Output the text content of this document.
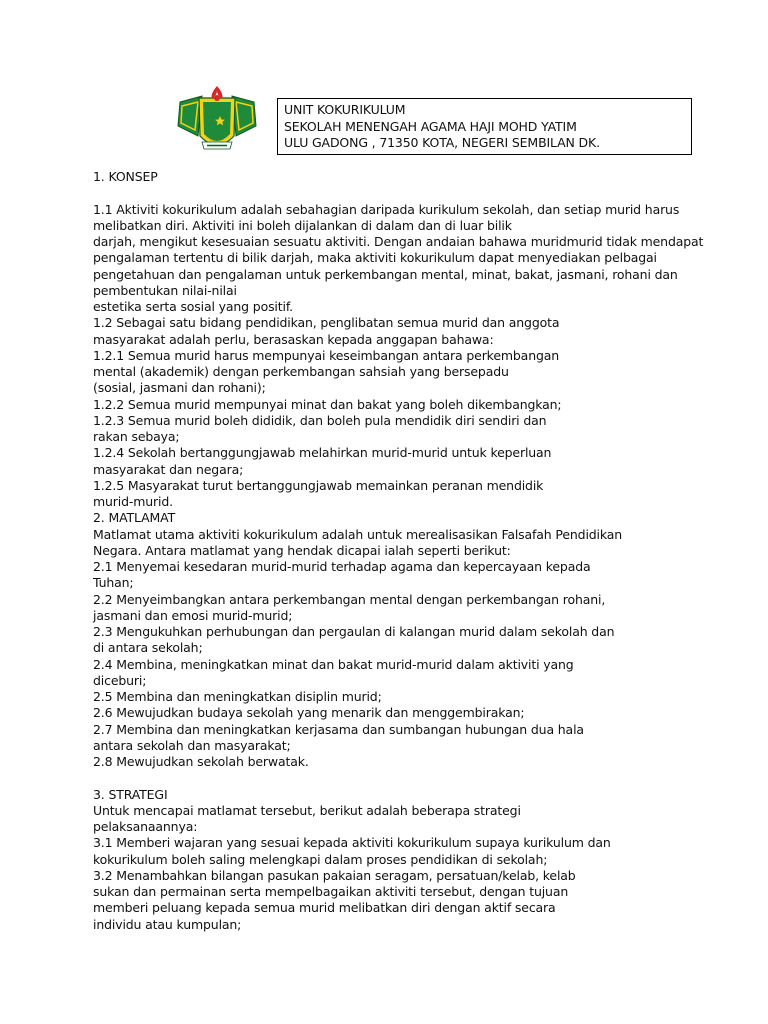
UNIT KOKURIKULUM
SEKOLAH MENENGAH AGAMA HAJI MOHD YATIM
ULU GADONG , 71350 KOTA, NEGERI SEMBILAN DK.
1. KONSEP
1.1 Aktiviti kokurikulum adalah sebahagian daripada kurikulum sekolah, dan setiap murid harus
melibatkan diri. Aktiviti ini boleh dijalankan di dalam dan di luar bilik
darjah, mengikut kesesuaian sesuatu aktiviti. Dengan andaian bahawa muridmurid tidak mendapat
pengalaman tertentu di bilik darjah, maka aktiviti kokurikulum dapat menyediakan pelbagai
pengetahuan dan pengalaman untuk perkembangan mental, minat, bakat, jasmani, rohani dan
pembentukan nilai-nilai
estetika serta sosial yang positif.
1.2 Sebagai satu bidang pendidikan, penglibatan semua murid dan anggota
masyarakat adalah perlu, berasaskan kepada anggapan bahawa:
1.2.1 Semua murid harus mempunyai keseimbangan antara perkembangan
mental (akademik) dengan perkembangan sahsiah yang bersepadu
(sosial, jasmani dan rohani);
1.2.2 Semua murid mempunyai minat dan bakat yang boleh dikembangkan;
1.2.3 Semua murid boleh dididik, dan boleh pula mendidik diri sendiri dan
rakan sebaya;
1.2.4 Sekolah bertanggungjawab melahirkan murid-murid untuk keperluan
masyarakat dan negara;
1.2.5 Masyarakat turut bertanggungjawab memainkan peranan mendidik
murid-murid.
2. MATLAMAT
Matlamat utama aktiviti kokurikulum adalah untuk merealisasikan Falsafah Pendidikan
Negara. Antara matlamat yang hendak dicapai ialah seperti berikut:
2.1 Menyemai kesedaran murid-murid terhadap agama dan kepercayaan kepada
Tuhan;
2.2 Menyeimbangkan antara perkembangan mental dengan perkembangan rohani,
jasmani dan emosi murid-murid;
2.3 Mengukuhkan perhubungan dan pergaulan di kalangan murid dalam sekolah dan
di antara sekolah;
2.4 Membina, meningkatkan minat dan bakat murid-murid dalam aktiviti yang
diceburi;
2.5 Membina dan meningkatkan disiplin murid;
2.6 Mewujudkan budaya sekolah yang menarik dan menggembirakan;
2.7 Membina dan meningkatkan kerjasama dan sumbangan hubungan dua hala
antara sekolah dan masyarakat;
2.8 Mewujudkan sekolah berwatak.
3. STRATEGI
Untuk mencapai matlamat tersebut, berikut adalah beberapa strategi
pelaksanaannya:
3.1 Memberi wajaran yang sesuai kepada aktiviti kokurikulum supaya kurikulum dan
kokurikulum boleh saling melengkapi dalam proses pendidikan di sekolah;
3.2 Menambahkan bilangan pasukan pakaian seragam, persatuan/kelab, kelab
sukan dan permainan serta mempelbagaikan aktiviti tersebut, dengan tujuan
memberi peluang kepada semua murid melibatkan diri dengan aktif secara
individu atau kumpulan;
